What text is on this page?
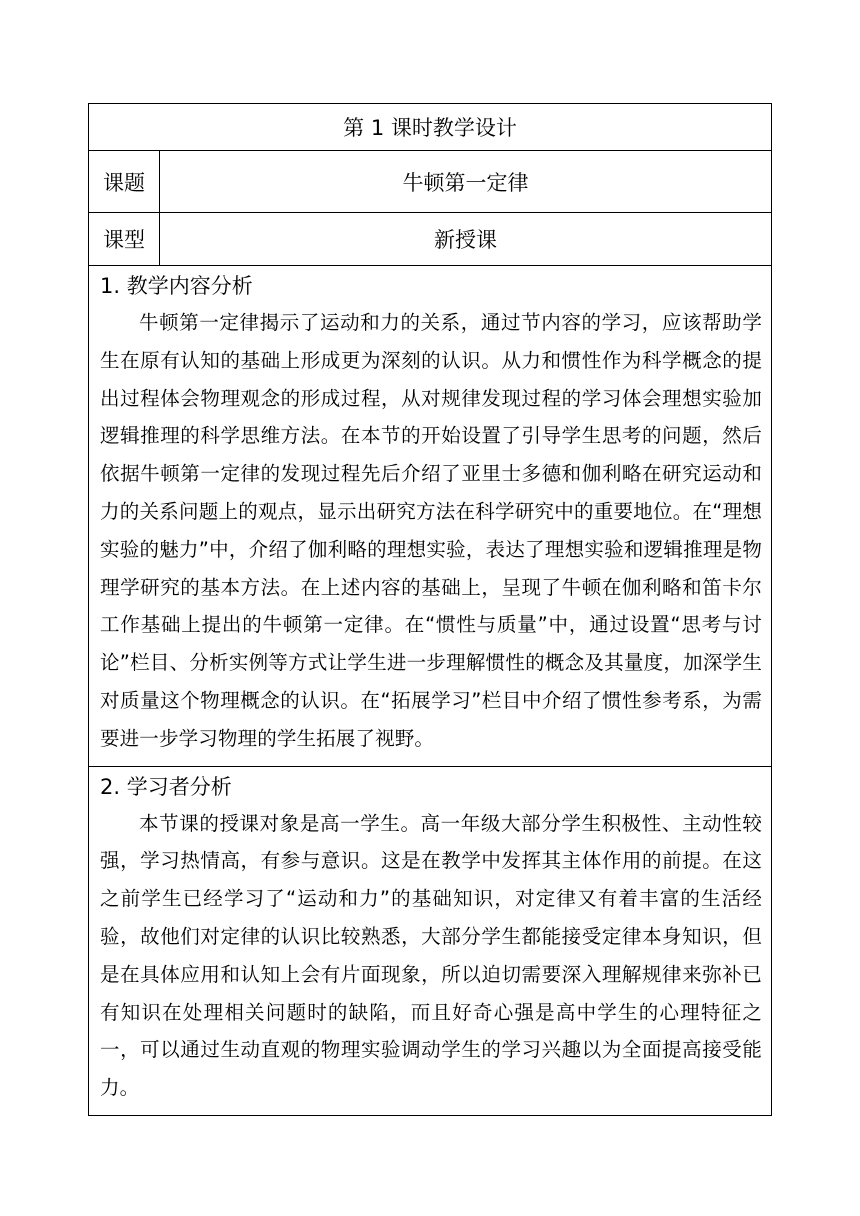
第 1 课时教学设计
课题	牛顿第一定律
课型	新授课
1. 教学内容分析

牛顿第一定律揭示了运动和力的关系，通过节内容的学习，应该帮助学生在原有认知的基础上形成更为深刻的认识。从力和惯性作为科学概念的提出过程体会物理观念的形成过程，从对规律发现过程的学习体会理想实验加逻辑推理的科学思维方法。在本节的开始设置了引导学生思考的问题，然后依据牛顿第一定律的发现过程先后介绍了亚里士多德和伽利略在研究运动和力的关系问题上的观点，显示出研究方法在科学研究中的重要地位。在“理想实验的魅力”中，介绍了伽利略的理想实验，表达了理想实验和逻辑推理是物理学研究的基本方法。在上述内容的基础上，呈现了牛顿在伽利略和笛卡尔工作基础上提出的牛顿第一定律。在“惯性与质量”中，通过设置“思考与讨论”栏目、分析实例等方式让学生进一步理解惯性的概念及其量度，加深学生对质量这个物理概念的认识。在“拓展学习”栏目中介绍了惯性参考系，为需要进一步学习物理的学生拓展了视野。

2. 学习者分析

本节课的授课对象是高一学生。高一年级大部分学生积极性、主动性较强，学习热情高，有参与意识。这是在教学中发挥其主体作用的前提。在这之前学生已经学习了“运动和力”的基础知识，对定律又有着丰富的生活经验，故他们对定律的认识比较熟悉，大部分学生都能接受定律本身知识，但是在具体应用和认知上会有片面现象，所以迫切需要深入理解规律来弥补已有知识在处理相关问题时的缺陷，而且好奇心强是高中学生的心理特征之一，可以通过生动直观的物理实验调动学生的学习兴趣以为全面提高接受能力。
